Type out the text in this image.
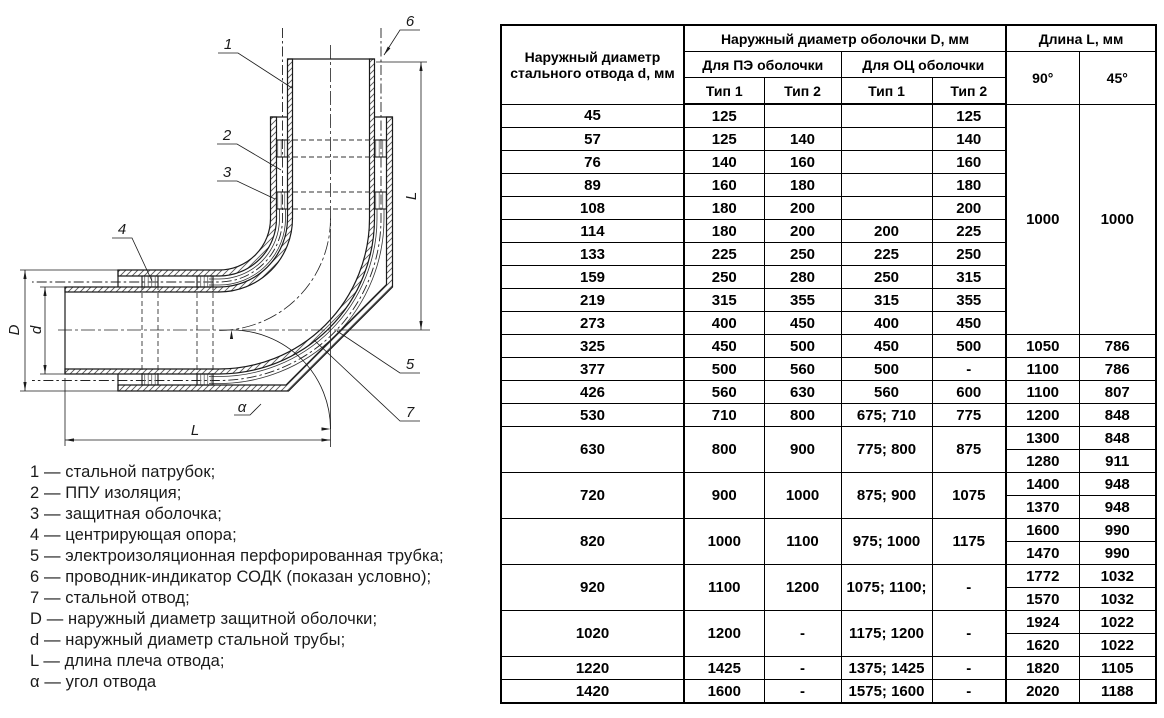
1
2
3
4
5
6
7
α
D d
L
L
1 — стальной патрубок;
2 — ППУ изоляция;
3 — защитная оболочка;
4 — центрирующая опора;
5 — электроизоляционная перфорированная трубка;
6 — проводник-индикатор СОДК (показан условно);
7 — стальной отвод;
D — наружный диаметр защитной оболочки;
d — наружный диаметр стальной трубы;
L — длина плеча отвода;
α — угол отвода
Наружный диаметр стального отвода d, мм	Наружный диаметр оболочки D, мм				Длина L, мм	
	Для ПЭ оболочки		Для ОЦ оболочки		90°	45°
	Тип 1	Тип 2	Тип 1	Тип 2		
45	125			125	1000	1000
57	125	140		140		
76	140	160		160		
89	160	180		180		
108	180	200		200		
114	180	200	200	225		
133	225	250	225	250		
159	250	280	250	315		
219	315	355	315	355		
273	400	450	400	450		
325	450	500	450	500	1050	786
377	500	560	500	-	1100	786
426	560	630	560	600	1100	807
530	710	800	675; 710	775	1200	848
630	800	900	775; 800	875	1300	848
					1280	911
720	900	1000	875; 900	1075	1400	948
					1370	948
820	1000	1100	975; 1000	1175	1600	990
					1470	990
920	1100	1200	1075; 1100;	-	1772	1032
					1570	1032
1020	1200	-	1175; 1200	-	1924	1022
					1620	1022
1220	1425	-	1375; 1425	-	1820	1105
1420	1600	-	1575; 1600	-	2020	1188
